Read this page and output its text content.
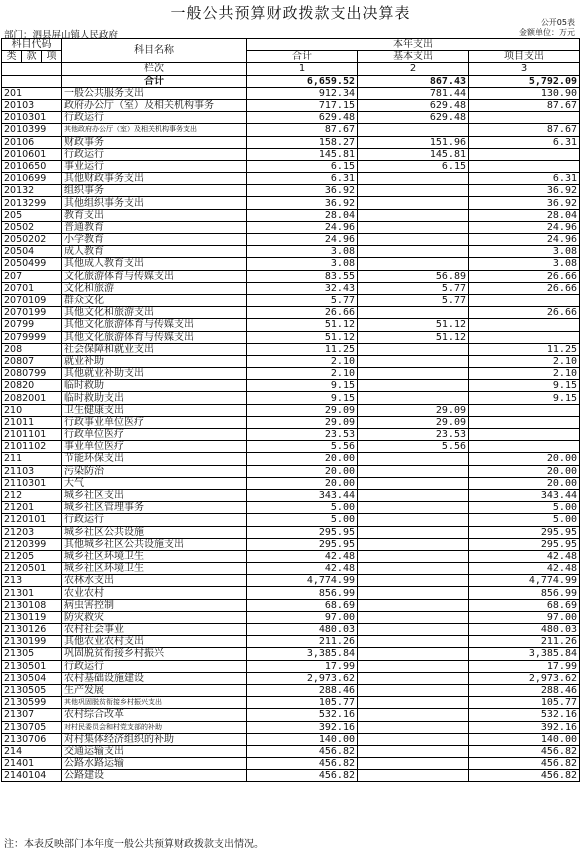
一般公共预算财政拨款支出决算表
公开05表
金额单位：万元
部门：泗县屏山镇人民政府
科目代码			科目名称	本年支出		
				合计	基本支出	项目支出
类	款	项				
			栏次	1	2	3
			合计	6,659.52	867.43	5,792.09
201			一般公共服务支出	912.34	781.44	130.90
20103			政府办公厅（室）及相关机构事务	717.15	629.48	87.67
2010301			行政运行	629.48	629.48	
2010399			其他政府办公厅（室）及相关机构事务支出	87.67		87.67
20106			财政事务	158.27	151.96	6.31
2010601			行政运行	145.81	145.81	
2010650			事业运行	6.15	6.15	
2010699			其他财政事务支出	6.31		6.31
20132			组织事务	36.92		36.92
2013299			其他组织事务支出	36.92		36.92
205			教育支出	28.04		28.04
20502			普通教育	24.96		24.96
2050202			小学教育	24.96		24.96
20504			成人教育	3.08		3.08
2050499			其他成人教育支出	3.08		3.08
207			文化旅游体育与传媒支出	83.55	56.89	26.66
20701			文化和旅游	32.43	5.77	26.66
2070109			群众文化	5.77	5.77	
2070199			其他文化和旅游支出	26.66		26.66
20799			其他文化旅游体育与传媒支出	51.12	51.12	
2079999			其他文化旅游体育与传媒支出	51.12	51.12	
208			社会保障和就业支出	11.25		11.25
20807			就业补助	2.10		2.10
2080799			其他就业补助支出	2.10		2.10
20820			临时救助	9.15		9.15
2082001			临时救助支出	9.15		9.15
210			卫生健康支出	29.09	29.09	
21011			行政事业单位医疗	29.09	29.09	
2101101			行政单位医疗	23.53	23.53	
2101102			事业单位医疗	5.56	5.56	
211			节能环保支出	20.00		20.00
21103			污染防治	20.00		20.00
2110301			大气	20.00		20.00
212			城乡社区支出	343.44		343.44
21201			城乡社区管理事务	5.00		5.00
2120101			行政运行	5.00		5.00
21203			城乡社区公共设施	295.95		295.95
2120399			其他城乡社区公共设施支出	295.95		295.95
21205			城乡社区环境卫生	42.48		42.48
2120501			城乡社区环境卫生	42.48		42.48
213			农林水支出	4,774.99		4,774.99
21301			农业农村	856.99		856.99
2130108			病虫害控制	68.69		68.69
2130119			防灾救灾	97.00		97.00
2130126			农村社会事业	480.03		480.03
2130199			其他农业农村支出	211.26		211.26
21305			巩固脱贫衔接乡村振兴	3,385.84		3,385.84
2130501			行政运行	17.99		17.99
2130504			农村基础设施建设	2,973.62		2,973.62
2130505			生产发展	288.46		288.46
2130599			其他巩固脱贫衔接乡村振兴支出	105.77		105.77
21307			农村综合改革	532.16		532.16
2130705			对村民委员会和村党支部的补助	392.16		392.16
2130706			对村集体经济组织的补助	140.00		140.00
214			交通运输支出	456.82		456.82
21401			公路水路运输	456.82		456.82
2140104			公路建设	456.82		456.82
注：本表反映部门本年度一般公共预算财政拨款支出情况。
